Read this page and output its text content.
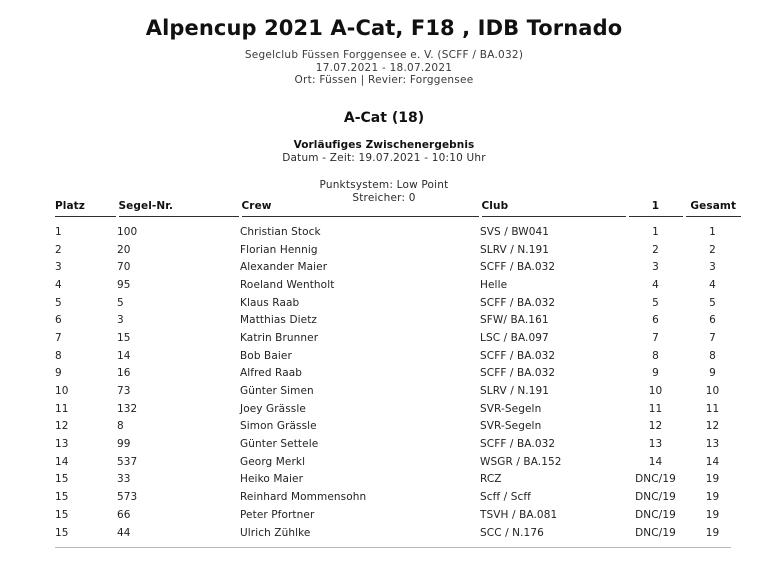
Alpencup 2021 A-Cat, F18 , IDB Tornado
Segelclub Füssen Forggensee e. V. (SCFF / BA.032)
17.07.2021 - 18.07.2021
Ort: Füssen | Revier: Forggensee
A-Cat (18)
Vorläufiges Zwischenergebnis
Datum - Zeit: 19.07.2021 - 10:10 Uhr
Punktsystem: Low Point
Streicher: 0
Platz	Segel-Nr.	Crew	Club	1	Gesamt
1	100	Christian Stock	SVS / BW041	1	1
2	20	Florian Hennig	SLRV / N.191	2	2
3	70	Alexander Maier	SCFF / BA.032	3	3
4	95	Roeland Wentholt	Helle	4	4
5	5	Klaus Raab	SCFF / BA.032	5	5
6	3	Matthias Dietz	SFW/ BA.161	6	6
7	15	Katrin Brunner	LSC / BA.097	7	7
8	14	Bob Baier	SCFF / BA.032	8	8
9	16	Alfred Raab	SCFF / BA.032	9	9
10	73	Günter Simen	SLRV / N.191	10	10
11	132	Joey Grässle	SVR-Segeln	11	11
12	8	Simon Grässle	SVR-Segeln	12	12
13	99	Günter Settele	SCFF / BA.032	13	13
14	537	Georg Merkl	WSGR / BA.152	14	14
15	33	Heiko Maier	RCZ	DNC/19	19
15	573	Reinhard Mommensohn	Scff / Scff	DNC/19	19
15	66	Peter Pfortner	TSVH / BA.081	DNC/19	19
15	44	Ulrich Zühlke	SCC / N.176	DNC/19	19
